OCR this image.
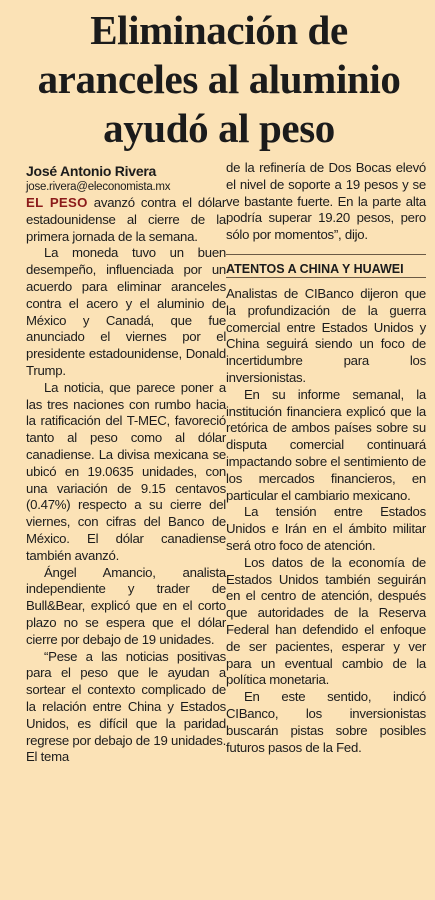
Eliminación de
aranceles al aluminio
ayudó al peso

José Antonio Rivera

jose.rivera@eleconomista.mx

EL PESO avanzó contra el dólar estadounidense al cierre de la primera jornada de la semana.

La moneda tuvo un buen desempeño, influenciada por un acuerdo para eliminar aranceles contra el acero y el aluminio de México y Canadá, que fue anunciado el viernes por el presidente estadounidense, Donald Trump.

La noticia, que parece poner a las tres naciones con rumbo hacia la ratificación del T-MEC, favoreció tanto al peso como al dólar canadiense. La divisa mexicana se ubicó en 19.0635 unidades, con una variación de 9.15 centavos (0.47%) respecto a su cierre del viernes, con cifras del Banco de México. El dólar canadiense también avanzó.

Ángel Amancio, analista independiente y trader de Bull&Bear, explicó que en el corto plazo no se espera que el dólar cierre por debajo de 19 unidades.

“Pese a las noticias positivas para el peso que le ayudan a sortear el contexto complicado de la relación entre China y Estados Unidos, es difícil que la paridad regrese por debajo de 19 unidades. El tema

de la refinería de Dos Bocas elevó el nivel de soporte a 19 pesos y se ve bastante fuerte. En la parte alta podría superar 19.20 pesos, pero sólo por momentos”, dijo.

ATENTOS A CHINA Y HUAWEI

Analistas de CIBanco dijeron que la profundización de la guerra comercial entre Estados Unidos y China seguirá siendo un foco de incertidumbre para los inversionistas.

En su informe semanal, la institución financiera explicó que la retórica de ambos países sobre su disputa comercial continuará impactando sobre el sentimiento de los mercados financieros, en particular el cambiario mexicano.

La tensión entre Estados Unidos e Irán en el ámbito militar será otro foco de atención.

Los datos de la economía de Estados Unidos también seguirán en el centro de atención, después que autoridades de la Reserva Federal han defendido el enfoque de ser pacientes, esperar y ver para un eventual cambio de la política monetaria.

En este sentido, indicó CIBanco, los inversionistas buscarán pistas sobre posibles futuros pasos de la Fed.
